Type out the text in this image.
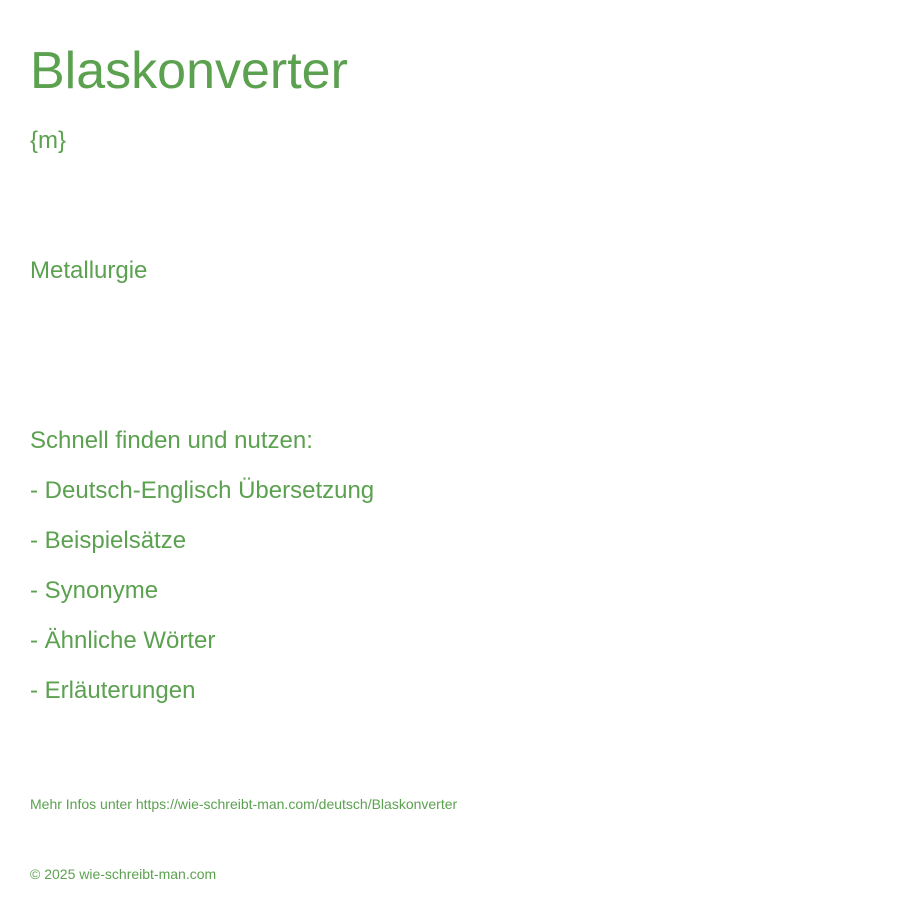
Blaskonverter
{m}
Metallurgie
Schnell finden und nutzen:
- Deutsch-Englisch Übersetzung
- Beispielsätze
- Synonyme
- Ähnliche Wörter
- Erläuterungen
Mehr Infos unter https://wie-schreibt-man.com/deutsch/Blaskonverter
© 2025 wie-schreibt-man.com
